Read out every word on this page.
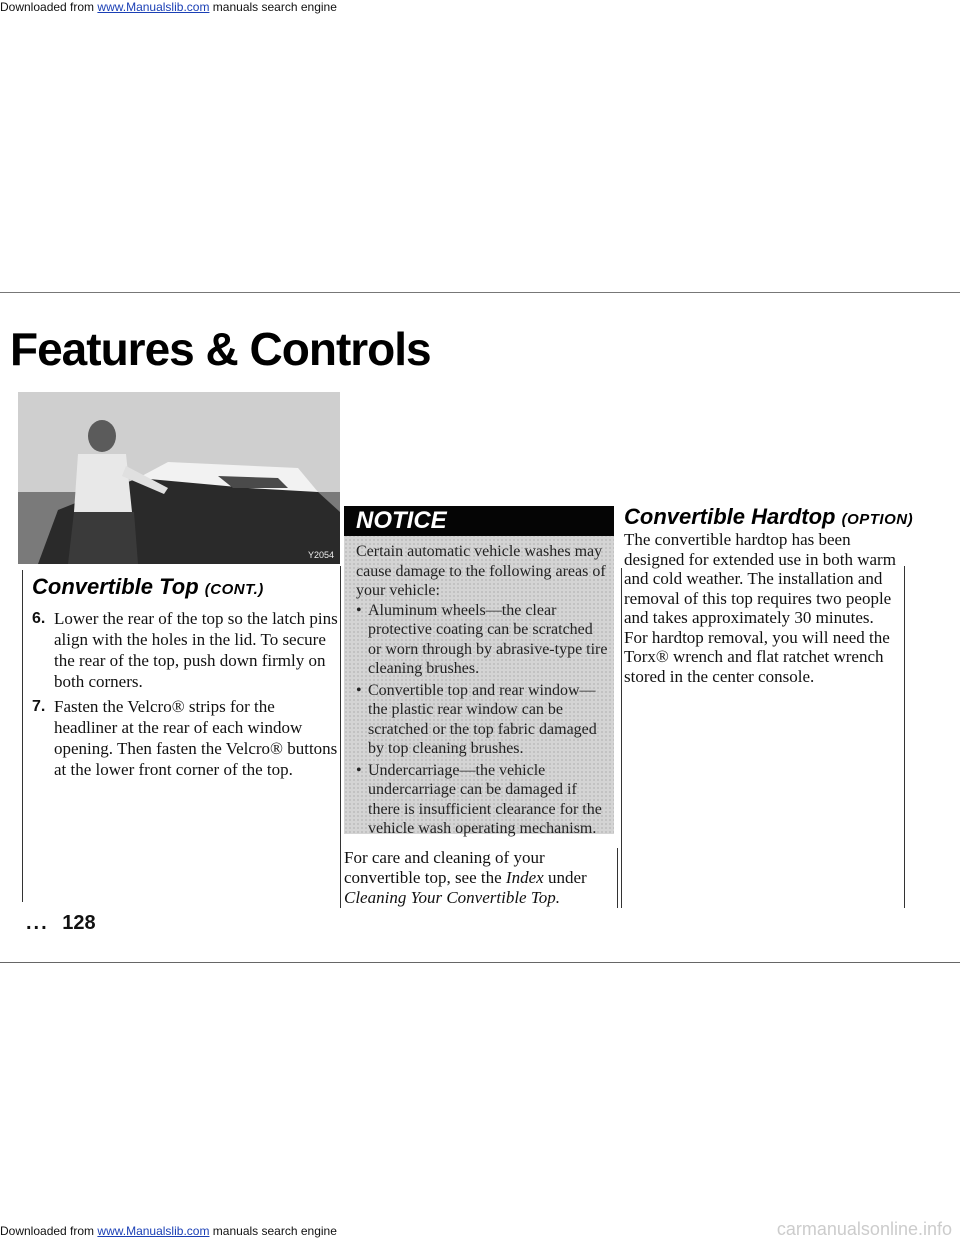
Downloaded from www.Manualslib.com manuals search engine
Features & Controls
Y2054
Convertible Top (CONT.)
6. Lower the rear of the top so the latch pins align with the holes in the lid. To secure the rear of the top, push down firmly on both corners.
7. Fasten the Velcro® strips for the headliner at the rear of each window opening. Then fasten the Velcro® buttons at the lower front corner of the top.
NOTICE

Certain automatic vehicle washes may cause damage to the following areas of your vehicle:

• Aluminum wheels—the clear protective coating can be scratched or worn through by abrasive-type tire cleaning brushes.
• Convertible top and rear window—the plastic rear window can be scratched or the top fabric damaged by top cleaning brushes.
• Undercarriage—the vehicle undercarriage can be damaged if there is insufficient clearance for the vehicle wash operating mechanism.
For care and cleaning of your convertible top, see the Index under Cleaning Your Convertible Top.
Convertible Hardtop (OPTION)
The convertible hardtop has been designed for extended use in both warm and cold weather. The installation and removal of this top requires two people and takes approximately 30 minutes. For hardtop removal, you will need the Torx® wrench and flat ratchet wrench stored in the center console.
... 128
Downloaded from www.Manualslib.com manuals search engine	carmanualsonline.info
